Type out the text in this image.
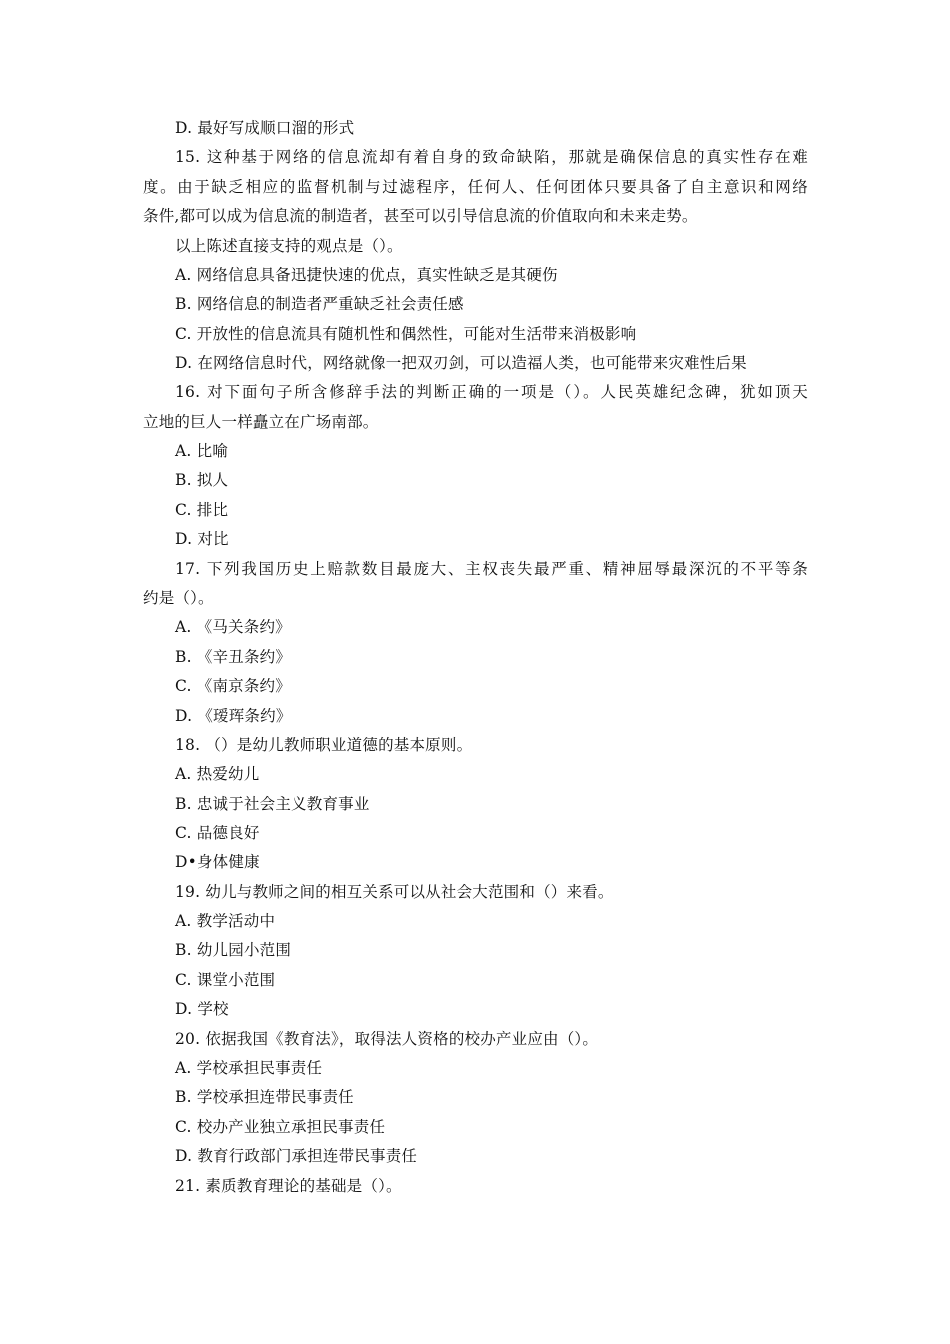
D. 最好写成顺口溜的形式
15. 这种基于网络的信息流却有着自身的致命缺陷，那就是确保信息的真实性存在难
度。由于缺乏相应的监督机制与过滤程序，任何人、任何团体只要具备了自主意识和网络
条件,都可以成为信息流的制造者，甚至可以引导信息流的价值取向和未来走势。
以上陈述直接支持的观点是（）。
A. 网络信息具备迅捷快速的优点，真实性缺乏是其硬伤
B. 网络信息的制造者严重缺乏社会责任感
C. 开放性的信息流具有随机性和偶然性，可能对生活带来消极影响
D. 在网络信息时代，网络就像一把双刃剑，可以造福人类，也可能带来灾难性后果
16. 对下面句子所含修辞手法的判断正确的一项是（）。人民英雄纪念碑，犹如顶天
立地的巨人一样矗立在广场南部。
A. 比喻
B. 拟人
C. 排比
D. 对比
17. 下列我国历史上赔款数目最庞大、主权丧失最严重、精神屈辱最深沉的不平等条
约是（）。
A. 《马关条约》
B. 《辛丑条约》
C. 《南京条约》
D. 《瑷珲条约》
18. （）是幼儿教师职业道德的基本原则。
A. 热爱幼儿
B. 忠诚于社会主义教育事业
C. 品德良好
D•身体健康
19. 幼儿与教师之间的相互关系可以从社会大范围和（）来看。
A. 教学活动中
B. 幼儿园小范围
C. 课堂小范围
D. 学校
20. 依据我国《教育法》，取得法人资格的校办产业应由（）。
A. 学校承担民事责任
B. 学校承担连带民事责任
C. 校办产业独立承担民事责任
D. 教育行政部门承担连带民事责任
21. 素质教育理论的基础是（）。
